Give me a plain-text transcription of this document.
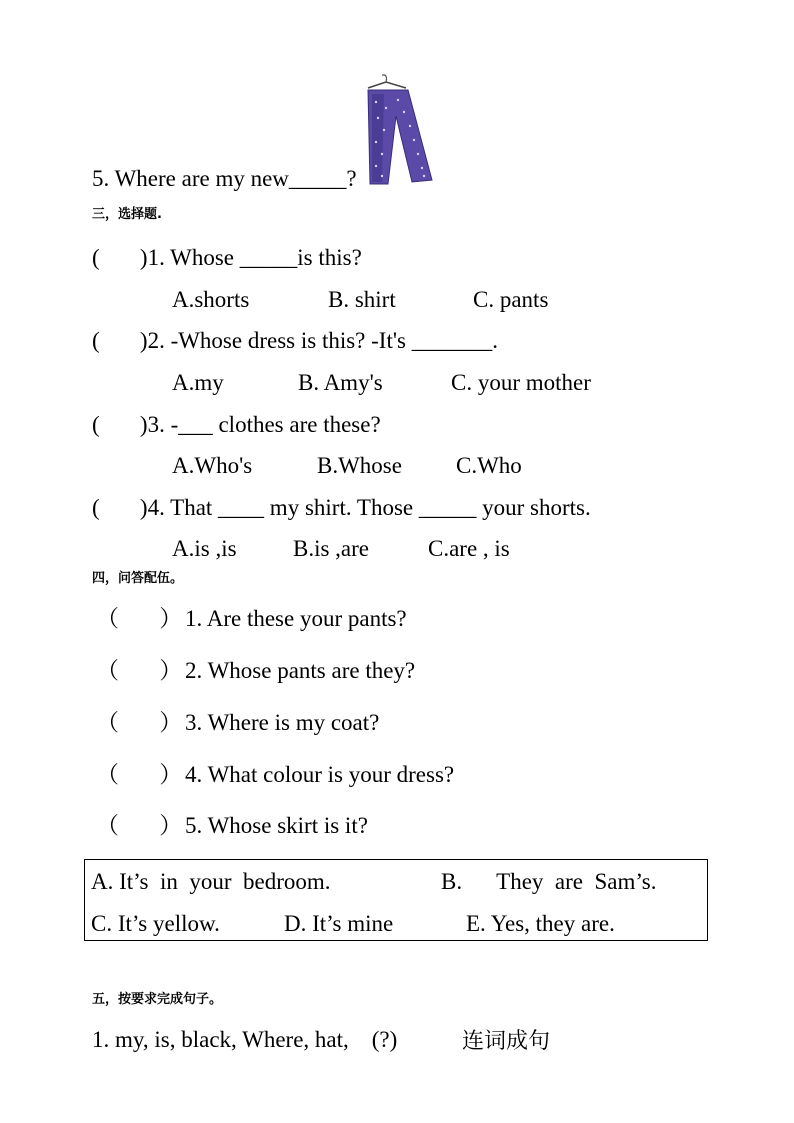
5. Where are my new_____?
三，选择题.
(       )1. Whose _____is this?
A.shorts	B. shirt	C. pants
(       )2. -Whose dress is this? -It's _______.
A.my	B. Amy's	C. your mother
(       )3. -___ clothes are these?
A.Who's	B.Whose C.Who
(       )4. That ____ my shirt. Those _____ your shorts.
A.is ,is B.is ,are	C.are , is
四，问答配伍。
（       ） 1. Are these your pants?
（       ） 2. Whose pants are they?
（       ） 3. Where is my coat?
（       ） 4. What colour is your dress?
（       ） 5. Whose skirt is it?
A. It’s  in  your  bedroom.	B.      They  are  Sam’s.
C. It’s yellow.	D. It’s mine	E. Yes, they are.
五，按要求完成句子。
1. my, is, black, Where, hat,    (?)	连词成句
